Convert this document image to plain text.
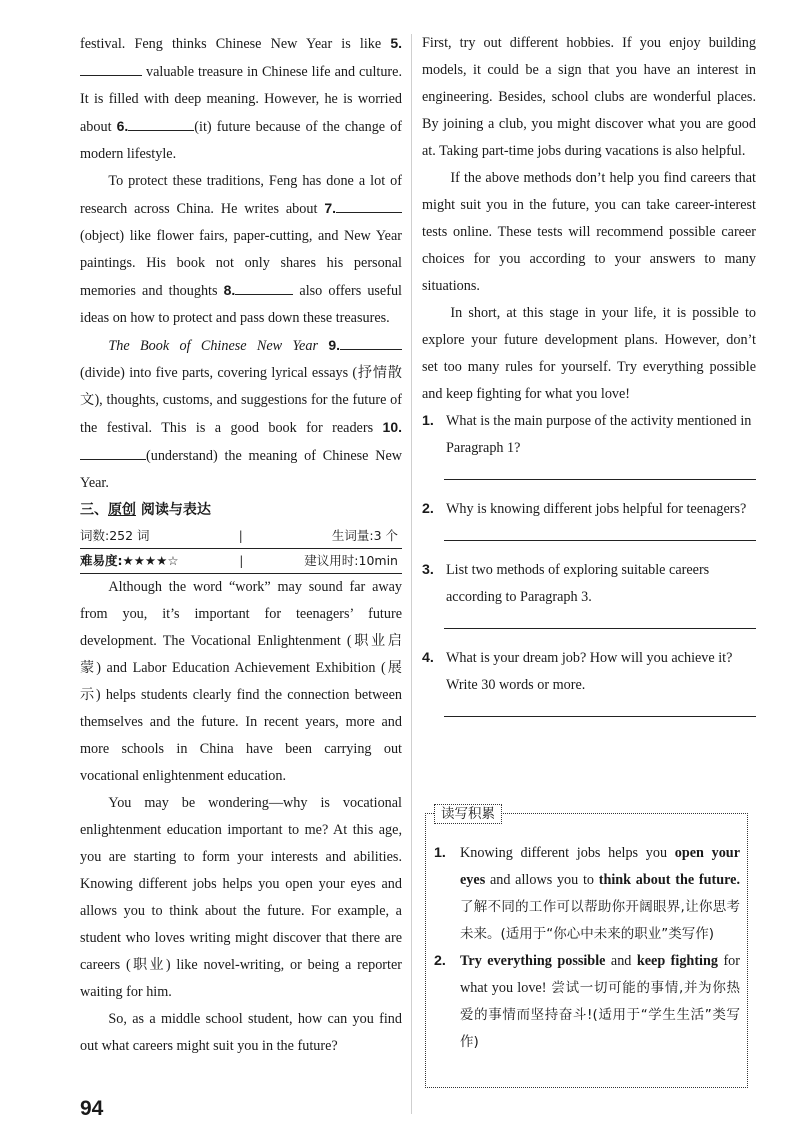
festival. Feng thinks Chinese New Year is like 5. valuable treasure in Chinese life and culture. It is filled with deep meaning. However, he is worried about 6.	(it) future because of the change of modern lifestyle.

To protect these traditions, Feng has done a lot of research across China. He writes about 7.(object) like flower fairs, paper-cutting, and New Year paintings. His book not only shares his personal memories and thoughts 8.	also offers useful ideas on how to protect and pass down these treasures.

The Book of Chinese New Year 9.(divide) into five parts, covering lyrical essays (抒情散文), thoughts, customs, and suggestions for the future of the festival. This is a good book for readers 10.(understand) the meaning of Chinese New Year.

三、原创 阅读与表达
词数:252 词	|	生词量:3 个
难易度:★★★★☆	|	建议用时:10min

Although the word “work” may sound far away from you, it’s important for teenagers’ future development. The Vocational Enlightenment (职业启蒙) and Labor Education Achievement Exhibition (展示) helps students clearly find the connection between themselves and the future. In recent years, more and more schools in China have been carrying out vocational enlightenment education.

You may be wondering—why is vocational enlightenment education important to me? At this age, you are starting to form your interests and abilities. Knowing different jobs helps you open your eyes and allows you to think about the future. For example, a student who loves writing might discover that there are careers (职业) like novel-writing, or being a reporter waiting for him.

So, as a middle school student, how can you find out what careers might suit you in the future?

First, try out different hobbies. If you enjoy building models, it could be a sign that you have an interest in engineering. Besides, school clubs are wonderful places. By joining a club, you might discover what you are good at. Taking part-time jobs during vacations is also helpful.

If the above methods don’t help you find careers that might suit you in the future, you can take career-interest tests online. These tests will recommend possible career choices for you according to your answers to many situations.

In short, at this stage in your life, it is possible to explore your future development plans. However, don’t set too many rules for yourself. Try everything possible and keep fighting for what you love!

1. What is the main purpose of the activity mentioned in Paragraph 1?
2. Why is knowing different jobs helpful for teenagers?
3. List two methods of exploring suitable careers according to Paragraph 3.
4. What is your dream job? How will you achieve it? Write 30 words or more.
读写积累
1. Knowing different jobs helps you open your eyes and allows you to think about the future. 了解不同的工作可以帮助你开阔眼界,让你思考未来。(适用于“你心中未来的职业”类写作)

2. Try everything possible and keep fighting for what you love! 尝试一切可能的事情,并为你热爱的事情而坚持奋斗!(适用于“学生生活”类写作)

94
